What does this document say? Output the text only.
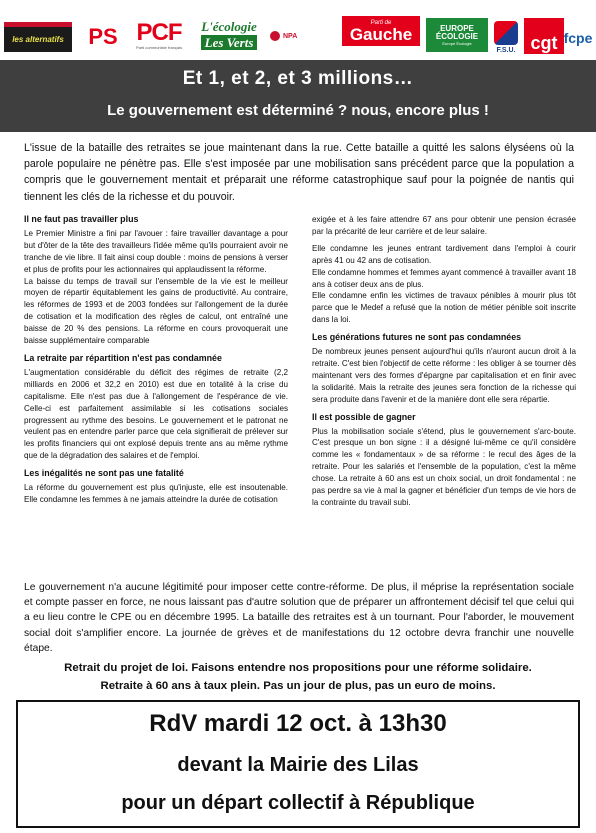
les alternatifs PS PCF
Parti communiste français
L'écologie
Les Verts	NPA
Parti de
Gauche	EUROPE
ÉCOLOGIE
Europe Écologie
F.S.U. cgt fcpe
Et 1, et 2, et 3 millions…
Le gouvernement est déterminé ? nous, encore plus !

L'issue de la bataille des retraites se joue maintenant dans la rue. Cette bataille a quitté les salons élyséens où la parole populaire ne pénètre pas. Elle s'est imposée par une mobilisation sans précédent parce que la population a compris que le gouvernement mentait et préparait une réforme catastrophique sauf pour la poignée de nantis qui tiennent les clés de la richesse et du pouvoir.

Il ne faut pas travailler plus

Le Premier Ministre a fini par l'avouer : faire travailler davantage a pour but d'ôter de la tête des travailleurs l'idée même qu'ils pourraient avoir ne tranche de vie libre. Il fait ainsi coup double : moins de pensions à verser et plus de profits pour les actionnaires qui applaudissent la réforme.

La baisse du temps de travail sur l'ensemble de la vie est le meilleur moyen de répartir équitablement les gains de productivité. Au contraire, les réformes de 1993 et de 2003 fondées sur l'allongement de la durée de cotisation et la modification des règles de calcul, ont entraîné une baisse de 20 % des pensions. La réforme en cours provoquerait une baisse supplémentaire comparable

La retraite par répartition n'est pas condamnée

L'augmentation considérable du déficit des régimes de retraite (2,2 milliards en 2006 et 32,2 en 2010) est due en totalité à la crise du capitalisme. Elle n'est pas due à l'allongement de l'espérance de vie. Celle-ci est parfaitement assimilable si les cotisations sociales progressent au rythme des besoins. Le gouvernement et le patronat ne veulent pas en entendre parler parce que cela signifierait de prélever sur les profits financiers qui ont explosé depuis trente ans au même rythme que de la dégradation des salaires et de l'emploi.

Les inégalités ne sont pas une fatalité

La réforme du gouvernement est plus qu'injuste, elle est insoutenable. Elle condamne les femmes à ne jamais atteindre la durée de cotisation

exigée et à les faire attendre 67 ans pour obtenir une pension écrasée par la précarité de leur carrière et de leur salaire.

Elle condamne les jeunes entrant tardivement dans l'emploi à courir après 41 ou 42 ans de cotisation.

Elle condamne hommes et femmes ayant commencé à travailler avant 18 ans à cotiser deux ans de plus.

Elle condamne enfin les victimes de travaux pénibles à mourir plus tôt parce que le Medef a refusé que la notion de métier pénible soit inscrite dans la loi.

Les générations futures ne sont pas condamnées

De nombreux jeunes pensent aujourd'hui qu'ils n'auront aucun droit à la retraite. C'est bien l'objectif de cette réforme : les obliger à se tourner dès maintenant vers des formes d'épargne par capitalisation et en finir avec la solidarité. Mais la retraite des jeunes sera fonction de la richesse qui sera produite dans l'avenir et de la manière dont elle sera répartie.

Il est possible de gagner

Plus la mobilisation sociale s'étend, plus le gouvernement s'arc-boute. C'est presque un bon signe : il a désigné lui-même ce qu'il considère comme les « fondamentaux » de sa réforme : le recul des âges de la retraite. Pour les salariés et l'ensemble de la population, c'est la même chose. La retraite à 60 ans est un choix social, un droit fondamental : ne pas perdre sa vie à mal la gagner et bénéficier d'un temps de vie hors de la contrainte du travail subi.

Le gouvernement n'a aucune légitimité pour imposer cette contre-réforme. De plus, il méprise la représentation sociale et compte passer en force, ne nous laissant pas d'autre solution que de préparer un affrontement décisif tel que celui qui a eu lieu contre le CPE ou en décembre 1995. La bataille des retraites est à un tournant. Pour l'aborder, le mouvement social doit s'amplifier encore. La journée de grèves et de manifestations du 12 octobre devra franchir une nouvelle étape.

Retrait du projet de loi. Faisons entendre nos propositions pour une réforme solidaire.
Retraite à 60 ans à taux plein. Pas un jour de plus, pas un euro de moins.
RdV mardi 12 oct. à 13h30
devant la Mairie des Lilas
pour un départ collectif à République
